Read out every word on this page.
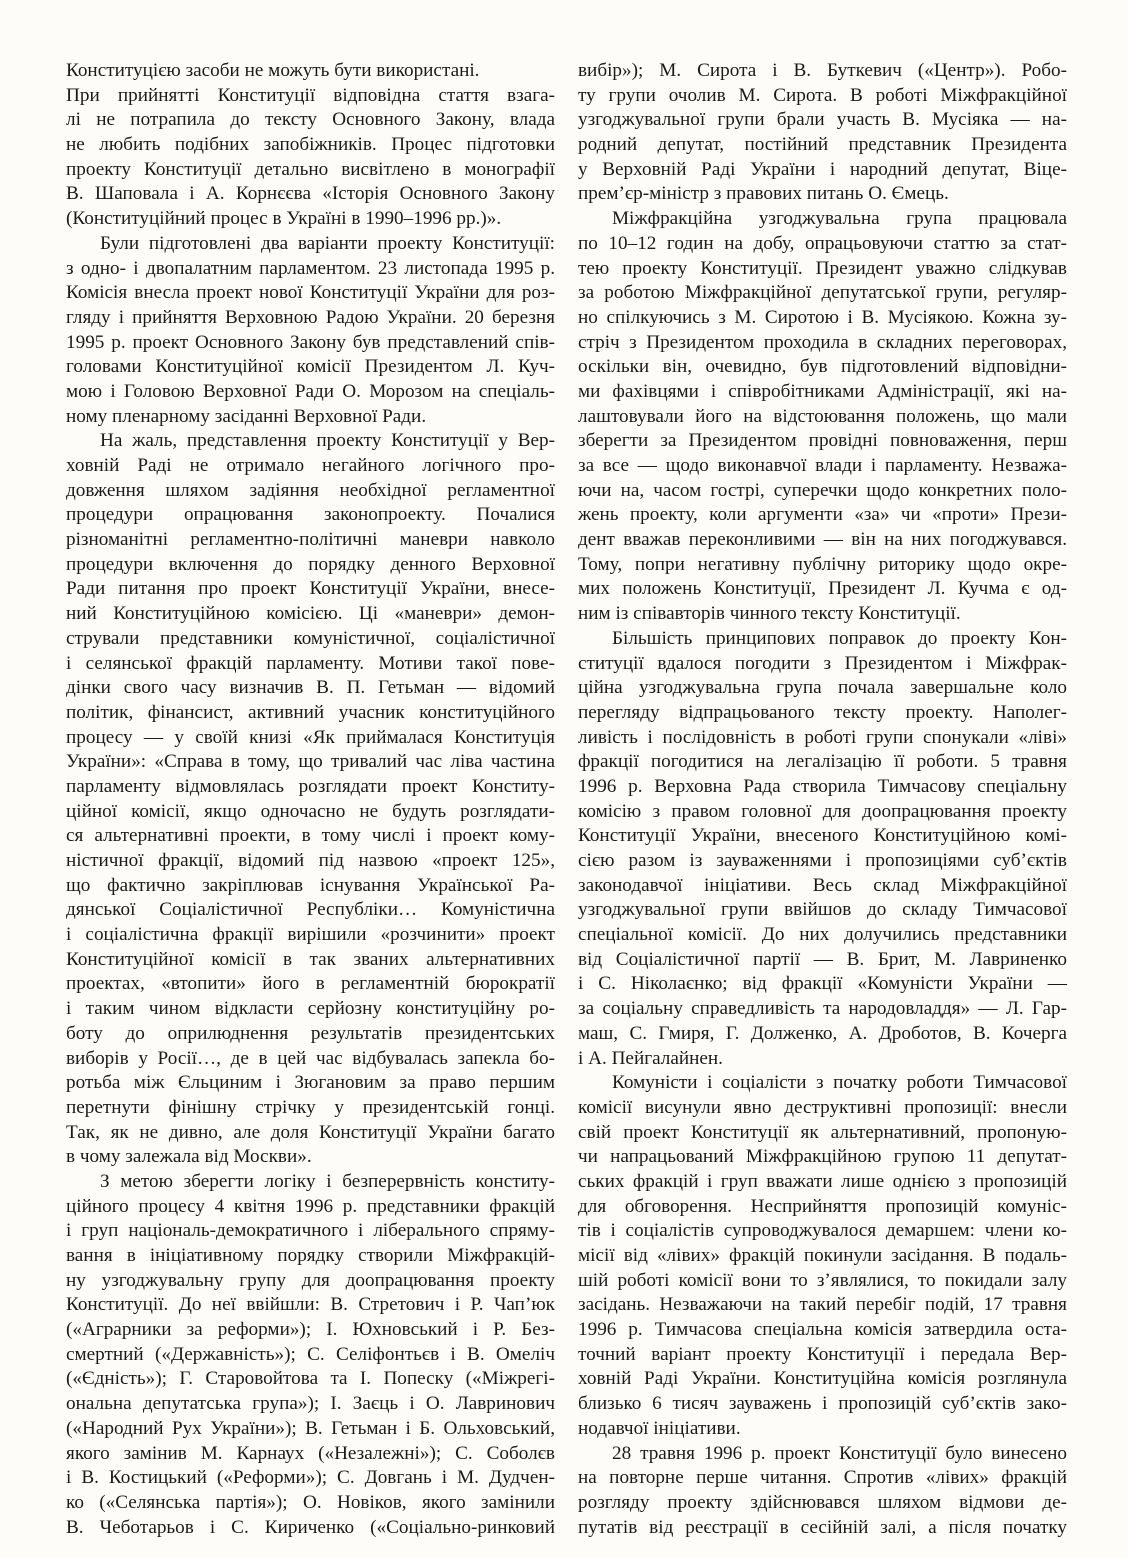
Конституцією засоби не можуть бути використані.
При прийнятті Конституції відповідна стаття взага-
лі не потрапила до тексту Основного Закону, влада
не любить подібних запобіжників. Процес підготовки
проекту Конституції детально висвітлено в монографії
В. Шаповала і А. Корнєєва «Історія Основного Закону
(Конституційний процес в Україні в 1990–1996 рр.)».
Були підготовлені два варіанти проекту Конституції:
з одно- і двопалатним парламентом. 23 листопада 1995 р.
Комісія внесла проект нової Конституції України для роз-
гляду і прийняття Верховною Радою України. 20 березня
1995 р. проект Основного Закону був представлений спів-
головами Конституційної комісії Президентом Л. Куч-
мою і Головою Верховної Ради О. Морозом на спеціаль-
ному пленарному засіданні Верховної Ради.
На жаль, представлення проекту Конституції у Вер-
ховній Раді не отримало негайного логічного про-
довження шляхом задіяння необхідної регламентної
процедури опрацювання законопроекту. Почалися
різноманітні регламентно-політичні маневри навколо
процедури включення до порядку денного Верховної
Ради питання про проект Конституції України, внесе-
ний Конституційною комісією. Ці «маневри» демон-
стрували представники комуністичної, соціалістичної
і селянської фракцій парламенту. Мотиви такої пове-
дінки свого часу визначив В. П. Гетьман — відомий
політик, фінансист, активний учасник конституційного
процесу — у своїй книзі «Як приймалася Конституція
України»: «Справа в тому, що тривалий час ліва частина
парламенту відмовлялась розглядати проект Конститу-
ційної комісії, якщо одночасно не будуть розглядати-
ся альтернативні проекти, в тому числі і проект кому-
ністичної фракції, відомий під назвою «проект 125»,
що фактично закріплював існування Української Ра-
дянської Соціалістичної Республіки… Комуністична
і соціалістична фракції вирішили «розчинити» проект
Конституційної комісії в так званих альтернативних
проектах, «втопити» його в регламентній бюрократії
і таким чином відкласти серйозну конституційну ро-
боту до оприлюднення результатів президентських
виборів у Росії…, де в цей час відбувалась запекла бо-
ротьба між Єльциним і Зюгановим за право першим
перетнути фінішну стрічку у президентській гонці.
Так, як не дивно, але доля Конституції України багато
в чому залежала від Москви».
З метою зберегти логіку і безперервність конститу-
ційного процесу 4 квітня 1996 р. представники фракцій
і груп національ-демократичного і ліберального спряму-
вання в ініціативному порядку створили Міжфракцій-
ну узгоджувальну групу для доопрацювання проекту
Конституції. До неї ввійшли: В. Стретович і Р. Чап’юк
(«Аграрники за реформи»); І. Юхновський і Р. Без-
смертний («Державність»); С. Селіфонтьєв і В. Омеліч
(«Єдність»); Г. Старовойтова та І. Попеску («Міжрегі-
ональна депутатська група»); І. Заєць і О. Лавринович
(«Народний Рух України»); В. Гетьман і Б. Ольховський,
якого замінив М. Карнаух («Незалежні»); С. Соболєв
і В. Костицький («Реформи»); С. Довгань і М. Дудчен-
ко («Селянська партія»); О. Новіков, якого замінили
В. Чеботарьов і С. Кириченко («Соціально-ринковий
вибір»); М. Сирота і В. Буткевич («Центр»). Робо-
ту групи очолив М. Сирота. В роботі Міжфракційної
узгоджувальної групи брали участь В. Мусіяка — на-
родний депутат, постійний представник Президента
у Верховній Раді України і народний депутат, Віце-
прем’єр-міністр з правових питань О. Ємець.
Міжфракційна узгоджувальна група працювала
по 10–12 годин на добу, опрацьовуючи статтю за стат-
тею проекту Конституції. Президент уважно слідкував
за роботою Міжфракційної депутатської групи, регуляр-
но спілкуючись з М. Сиротою і В. Мусіякою. Кожна зу-
стріч з Президентом проходила в складних переговорах,
оскільки він, очевидно, був підготовлений відповідни-
ми фахівцями і співробітниками Адміністрації, які на-
лаштовували його на відстоювання положень, що мали
зберегти за Президентом провідні повноваження, перш
за все — щодо виконавчої влади і парламенту. Незважа-
ючи на, часом гострі, суперечки щодо конкретних поло-
жень проекту, коли аргументи «за» чи «проти» Прези-
дент вважав переконливими — він на них погоджувався.
Тому, попри негативну публічну риторику щодо окре-
мих положень Конституції, Президент Л. Кучма є од-
ним із співавторів чинного тексту Конституції.
Більшість принципових поправок до проекту Кон-
ституції вдалося погодити з Президентом і Міжфрак-
ційна узгоджувальна група почала завершальне коло
перегляду відпрацьованого тексту проекту. Наполег-
ливість і послідовність в роботі групи спонукали «ліві»
фракції погодитися на легалізацію її роботи. 5 травня
1996 р. Верховна Рада створила Тимчасову спеціальну
комісію з правом головної для доопрацювання проекту
Конституції України, внесеного Конституційною комі-
сією разом із зауваженнями і пропозиціями суб’єктів
законодавчої ініціативи. Весь склад Міжфракційної
узгоджувальної групи ввійшов до складу Тимчасової
спеціальної комісії. До них долучились представники
від Соціалістичної партії — В. Брит, М. Лавриненко
і С. Ніколаєнко; від фракції «Комуністи України —
за соціальну справедливість та народовладдя» — Л. Гар-
маш, С. Гмиря, Г. Долженко, А. Дроботов, В. Кочерга
і А. Пейгалайнен.
Комуністи і соціалісти з початку роботи Тимчасової
комісії висунули явно деструктивні пропозиції: внесли
свій проект Конституції як альтернативний, пропоную-
чи напрацьований Міжфракційною групою 11 депутат-
ських фракцій і груп вважати лише однією з пропозицій
для обговорення. Несприйняття пропозицій комуніс-
тів і соціалістів супроводжувалося демаршем: члени ко-
місії від «лівих» фракцій покинули засідання. В подаль-
шій роботі комісії вони то з’являлися, то покидали залу
засідань. Незважаючи на такий перебіг подій, 17 травня
1996 р. Тимчасова спеціальна комісія затвердила оста-
точний варіант проекту Конституції і передала Вер-
ховній Раді України. Конституційна комісія розглянула
близько 6 тисяч зауважень і пропозицій суб’єктів зако-
нодавчої ініціативи.
28 травня 1996 р. проект Конституції було винесено
на повторне перше читання. Спротив «лівих» фракцій
розгляду проекту здійснювався шляхом відмови де-
путатів від реєстрації в сесійній залі, а після початку
